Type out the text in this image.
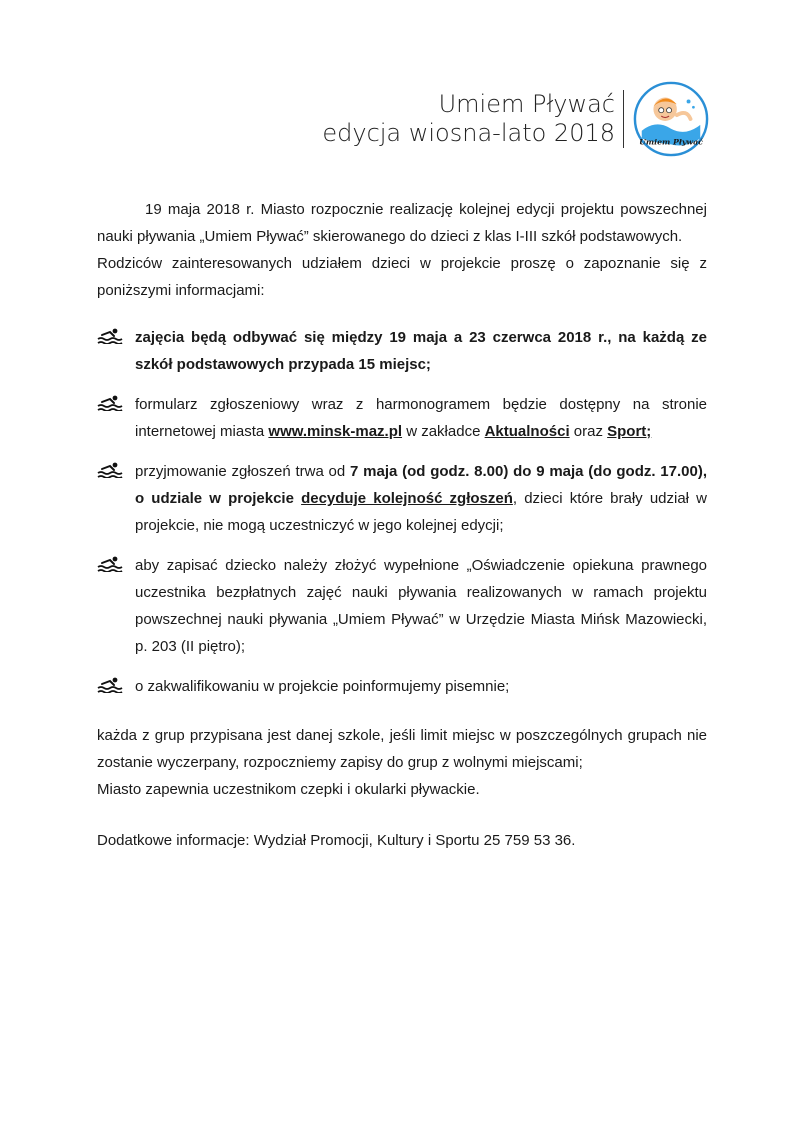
Umiem Pływać
edycja wiosna-lato 2018	Umiem Pływać

19 maja 2018 r. Miasto rozpocznie realizację kolejnej edycji projektu powszechnej nauki pływania „Umiem Pływać” skierowanego do dzieci z klas I-III szkół podstawowych.

Rodziców zainteresowanych udziałem dzieci w projekcie proszę o zapoznanie się z poniższymi informacjami:

zajęcia będą odbywać się między 19 maja a 23 czerwca 2018 r., na każdą ze szkół podstawowych przypada 15 miejsc;
formularz zgłoszeniowy wraz z harmonogramem będzie dostępny na stronie internetowej miasta www.minsk-maz.pl w zakładce Aktualności oraz Sport;
przyjmowanie zgłoszeń trwa od 7 maja (od godz. 8.00) do 9 maja (do godz. 17.00), o udziale w projekcie decyduje kolejność zgłoszeń, dzieci które brały udział w projekcie, nie mogą uczestniczyć w jego kolejnej edycji;
aby zapisać dziecko należy złożyć wypełnione „Oświadczenie opiekuna prawnego uczestnika bezpłatnych zajęć nauki pływania realizowanych w ramach projektu powszechnej nauki pływania „Umiem Pływać” w Urzędzie Miasta Mińsk Mazowiecki, p. 203 (II piętro);
o zakwalifikowaniu w projekcie poinformujemy pisemnie;

każda z grup przypisana jest danej szkole, jeśli limit miejsc w poszczególnych grupach nie zostanie wyczerpany, rozpoczniemy zapisy do grup z wolnymi miejscami;

Miasto zapewnia uczestnikom czepki i okularki pływackie.

Dodatkowe informacje: Wydział Promocji, Kultury i Sportu 25 759 53 36.
